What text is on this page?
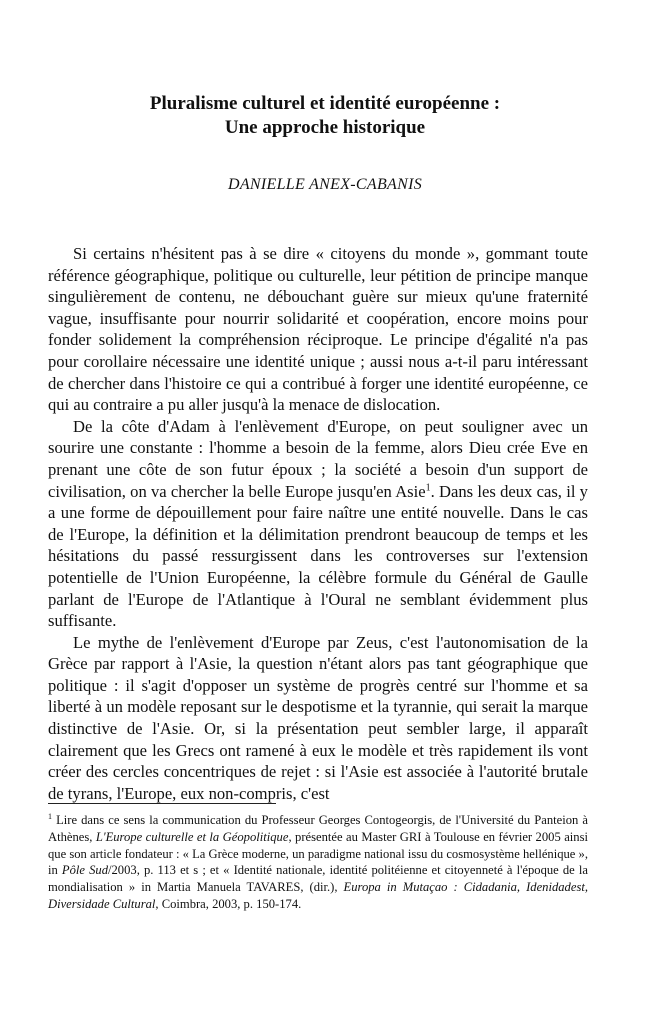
Pluralisme culturel et identité européenne :
Une approche historique
DANIELLE ANEX-CABANIS

Si certains n'hésitent pas à se dire « citoyens du monde », gommant toute référence géographique, politique ou culturelle, leur pétition de principe manque singulièrement de contenu, ne débouchant guère sur mieux qu'une fraternité vague, insuffisante pour nourrir solidarité et coopération, encore moins pour fonder solidement la compréhension réciproque. Le principe d'égalité n'a pas pour corollaire nécessaire une identité unique ; aussi nous a-t-il paru intéressant de chercher dans l'histoire ce qui a contribué à forger une identité européenne, ce qui au contraire a pu aller jusqu'à la menace de dislocation.

De la côte d'Adam à l'enlèvement d'Europe, on peut souligner avec un sourire une constante : l'homme a besoin de la femme, alors Dieu crée Eve en prenant une côte de son futur époux ; la société a besoin d'un support de civilisation, on va chercher la belle Europe jusqu'en Asie$^1$. Dans les deux cas, il y a une forme de dépouillement pour faire naître une entité nouvelle. Dans le cas de l'Europe, la définition et la délimitation prendront beaucoup de temps et les hésitations du passé ressurgissent dans les controverses sur l'extension potentielle de l'Union Européenne, la célèbre formule du Général de Gaulle parlant de l'Europe de l'Atlantique à l'Oural ne semblant évidemment plus suffisante.

Le mythe de l'enlèvement d'Europe par Zeus, c'est l'autonomisation de la Grèce par rapport à l'Asie, la question n'étant alors pas tant géographique que politique : il s'agit d'opposer un système de progrès centré sur l'homme et sa liberté à un modèle reposant sur le despotisme et la tyrannie, qui serait la marque distinctive de l'Asie. Or, si la présentation peut sembler large, il apparaît clairement que les Grecs ont ramené à eux le modèle et très rapidement ils vont créer des cercles concentriques de rejet : si l'Asie est associée à l'autorité brutale de tyrans, l'Europe, eux non-compris, c'est

$^1$ Lire dans ce sens la communication du Professeur Georges Contogeorgis, de l'Université du Panteion à Athènes, L'Europe culturelle et la Géopolitique, présentée au Master GRI à Toulouse en février 2005 ainsi que son article fondateur : « La Grèce moderne, un paradigme national issu du cosmosystème hellénique », in Pôle Sud/2003, p. 113 et s ; et « Identité nationale, identité politéienne et citoyenneté à l'époque de la mondialisation » in Martia Manuela TAVARES, (dir.), Europa in Mutaçao : Cidadania, Idenidadest, Diversidade Cultural, Coimbra, 2003, p. 150-174.
